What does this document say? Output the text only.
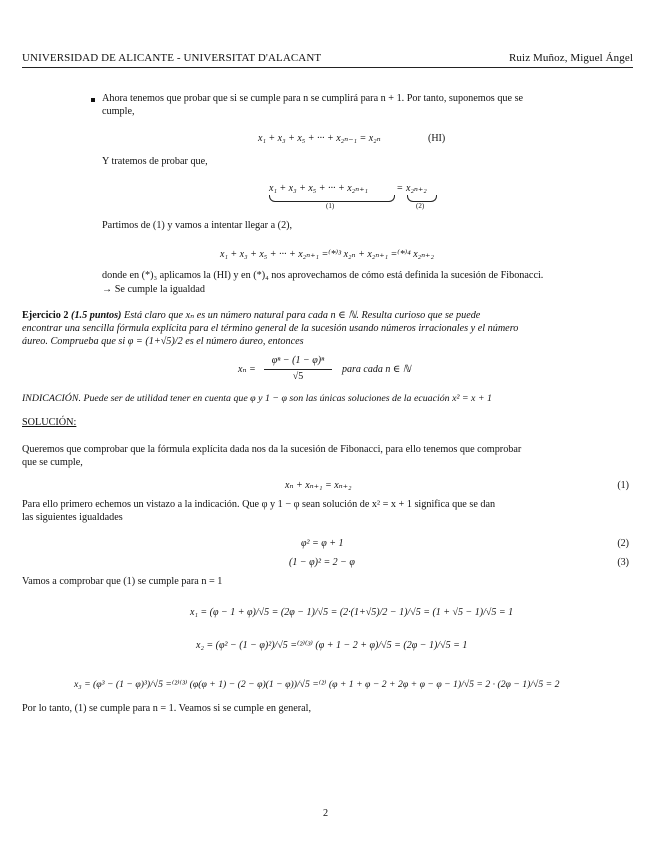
UNIVERSIDAD DE ALICANTE - UNIVERSITAT D'ALACANT	Ruiz Muñoz, Miguel Ángel
Ahora tenemos que probar que si se cumple para n se cumplirá para n + 1. Por tanto, suponemos que se
cumple,
x₁ + x₃ + x₅ + ··· + x₂ₙ₋₁ = x₂ₙ	(HI)
Y tratemos de probar que,
x₁ + x₃ + x₅ + ··· + x₂ₙ₊₁	= x₂ₙ₊₂
(1)	(2)
Partimos de (1) y vamos a intentar llegar a (2),
x₁ + x₃ + x₅ + ··· + x₂ₙ₊₁ =⁽*⁾³ x₂ₙ + x₂ₙ₊₁ =⁽*⁾⁴ x₂ₙ₊₂
donde en (*)₃ aplicamos la (HI) y en (*)₄ nos aprovechamos de cómo está definida la sucesión de Fibonacci.
→ Se cumple la igualdad
Ejercicio 2 (1.5 puntos) Está claro que xₙ es un número natural para cada n ∈ ℕ. Resulta curioso que se puede
encontrar una sencilla fórmula explícita para el término general de la sucesión usando números irracionales y el número
áureo. Comprueba que si φ = (1+√5)/2 es el número áureo, entonces
xₙ =
φⁿ − (1 − φ)ⁿ
√5
para cada n ∈ ℕ
INDICACIÓN. Puede ser de utilidad tener en cuenta que φ y 1 − φ son las únicas soluciones de la ecuación x² = x + 1
SOLUCIÓN:
Queremos que comprobar que la fórmula explícita dada nos da la sucesión de Fibonacci, para ello tenemos que comprobar
que se cumple,
xₙ + xₙ₊₁ = xₙ₊₂	(1)
Para ello primero echemos un vistazo a la indicación. Que φ y 1 − φ sean solución de x² = x + 1 significa que se dan
las siguientes igualdades
φ² = φ + 1	(2)
(1 − φ)² = 2 − φ	(3)
Vamos a comprobar que (1) se cumple para n = 1
x₁ = (φ − 1 + φ)/√5 = (2φ − 1)/√5 = (2·(1+√5)/2 − 1)/√5 = (1 + √5 − 1)/√5 = 1
x₂ = (φ² − (1 − φ)²)/√5 =⁽²⁾⁽³⁾ (φ + 1 − 2 + φ)/√5 = (2φ − 1)/√5 = 1
x₃ = (φ³ − (1 − φ)³)/√5 =⁽²⁾⁽³⁾ (φ(φ + 1) − (2 − φ)(1 − φ))/√5 =⁽²⁾ (φ + 1 + φ − 2 + 2φ + φ − φ − 1)/√5 = 2 · (2φ − 1)/√5 = 2
Por lo tanto, (1) se cumple para n = 1. Veamos si se cumple en general,
2
